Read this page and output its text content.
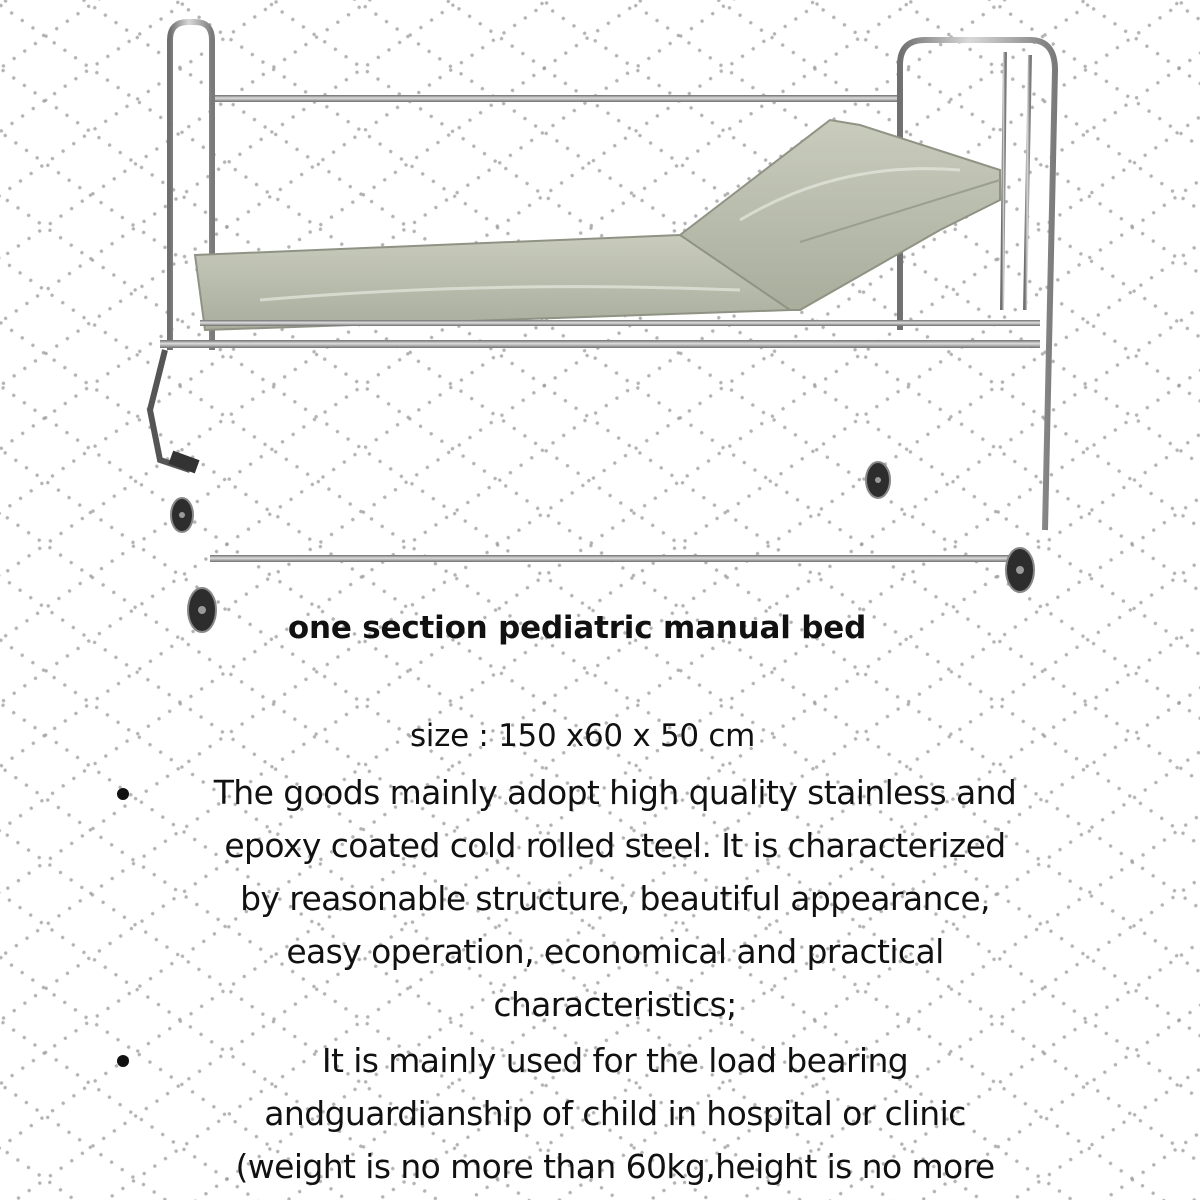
one section pediatric manual bed
size : 150 x60 x 50 cm
The goods mainly adopt high quality stainless and
epoxy coated cold rolled steel. It is characterized
by reasonable structure, beautiful appearance,
easy operation, economical and practical
characteristics;
It is mainly used for the load bearing
andguardianship of child in hospital or clinic
(weight is no more than 60kg,height is no more
